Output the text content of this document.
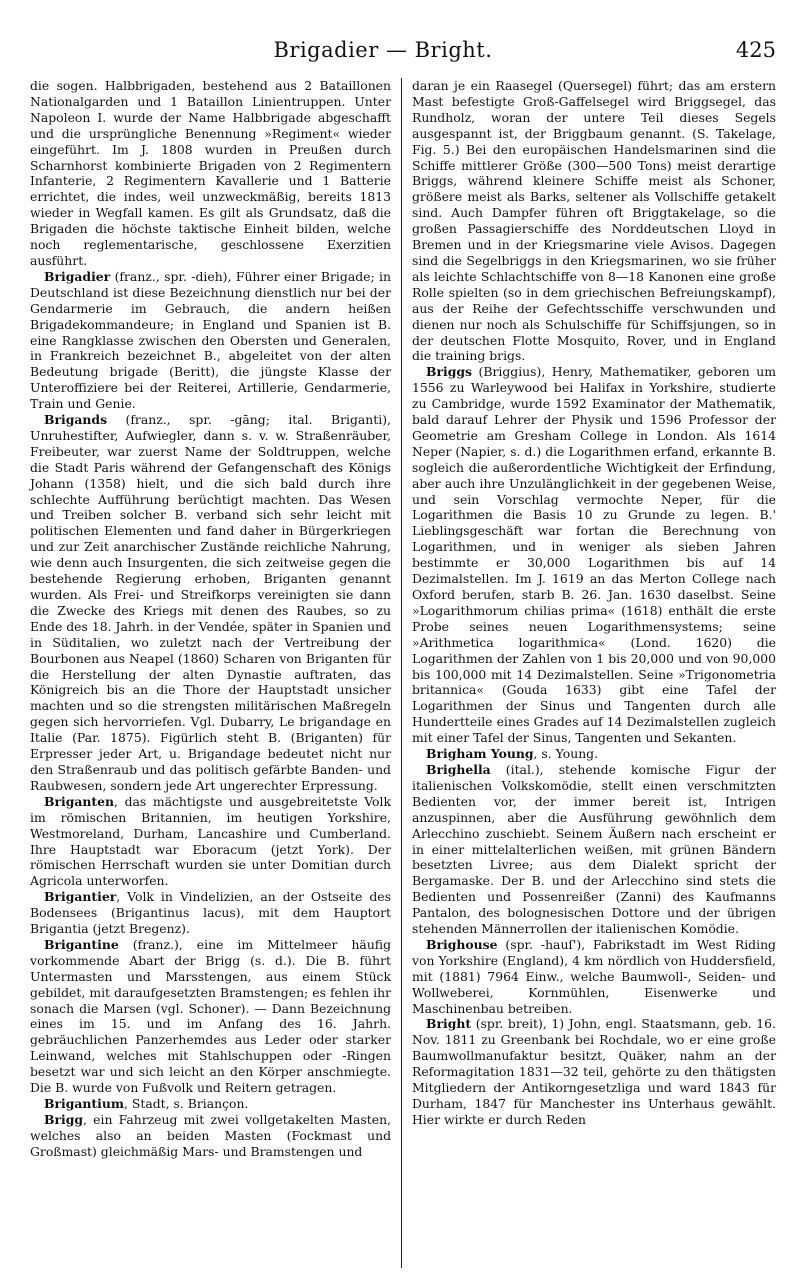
Brigadier — Bright.	425

die sogen. Halbbrigaden, bestehend aus 2 Bataillonen Nationalgarden und 1 Bataillon Linientruppen. Unter Napoleon I. wurde der Name Halbbrigade abgeschafft und die ursprüngliche Benennung »Regiment« wieder eingeführt. Im J. 1808 wurden in Preußen durch Scharnhorst kombinierte Brigaden von 2 Regimentern Infanterie, 2 Regimentern Kavallerie und 1 Batterie errichtet, die indes, weil unzweckmäßig, bereits 1813 wieder in Wegfall kamen. Es gilt als Grundsatz, daß die Brigaden die höchste taktische Einheit bilden, welche noch reglementarische, geschlossene Exerzitien ausführt.

Brigadier (franz., spr. -dieh), Führer einer Brigade; in Deutschland ist diese Bezeichnung dienstlich nur bei der Gendarmerie im Gebrauch, die andern heißen Brigadekommandeure; in England und Spanien ist B. eine Rangklasse zwischen den Obersten und Generalen, in Frankreich bezeichnet B., abgeleitet von der alten Bedeutung brigade (Beritt), die jüngste Klasse der Unteroffiziere bei der Reiterei, Artillerie, Gendarmerie, Train und Genie.

Brigands (franz., spr. -gāng; ital. Briganti), Unruhestifter, Aufwiegler, dann s. v. w. Straßenräuber, Freibeuter, war zuerst Name der Soldtruppen, welche die Stadt Paris während der Gefangenschaft des Königs Johann (1358) hielt, und die sich bald durch ihre schlechte Aufführung berüchtigt machten. Das Wesen und Treiben solcher B. verband sich sehr leicht mit politischen Elementen und fand daher in Bürgerkriegen und zur Zeit anarchischer Zustände reichliche Nahrung, wie denn auch Insurgenten, die sich zeitweise gegen die bestehende Regierung erhoben, Briganten genannt wurden. Als Frei- und Streifkorps vereinigten sie dann die Zwecke des Kriegs mit denen des Raubes, so zu Ende des 18. Jahrh. in der Vendée, später in Spanien und in Süditalien, wo zuletzt nach der Vertreibung der Bourbonen aus Neapel (1860) Scharen von Briganten für die Herstellung der alten Dynastie auftraten, das Königreich bis an die Thore der Hauptstadt unsicher machten und so die strengsten militärischen Maßregeln gegen sich hervorriefen. Vgl. Dubarry, Le brigandage en Italie (Par. 1875). Figürlich steht B. (Briganten) für Erpresser jeder Art, u. Brigandage bedeutet nicht nur den Straßenraub und das politisch gefärbte Banden- und Raubwesen, sondern jede Art ungerechter Erpressung.

Briganten, das mächtigste und ausgebreitetste Volk im römischen Britannien, im heutigen Yorkshire, Westmoreland, Durham, Lancashire und Cumberland. Ihre Hauptstadt war Eboracum (jetzt York). Der römischen Herrschaft wurden sie unter Domitian durch Agricola unterworfen.

Brigantier, Volk in Vindelizien, an der Ostseite des Bodensees (Brigantinus lacus), mit dem Hauptort Brigantia (jetzt Bregenz).

Brigantine (franz.), eine im Mittelmeer häufig vorkommende Abart der Brigg (s. d.). Die B. führt Untermasten und Marsstengen, aus einem Stück gebildet, mit daraufgesetzten Bramstengen; es fehlen ihr sonach die Marsen (vgl. Schoner). — Dann Bezeichnung eines im 15. und im Anfang des 16. Jahrh. gebräuchlichen Panzerhemdes aus Leder oder starker Leinwand, welches mit Stahlschuppen oder -Ringen besetzt war und sich leicht an den Körper anschmiegte. Die B. wurde von Fußvolk und Reitern getragen.

Brigantium, Stadt, s. Briançon.

Brigg, ein Fahrzeug mit zwei vollgetakelten Masten, welches also an beiden Masten (Fockmast und Großmast) gleichmäßig Mars- und Bramstengen und

daran je ein Raasegel (Quersegel) führt; das am erstern Mast befestigte Groß-Gaffelsegel wird Briggsegel, das Rundholz, woran der untere Teil dieses Segels ausgespannt ist, der Briggbaum genannt. (S. Takelage, Fig. 5.) Bei den europäischen Handelsmarinen sind die Schiffe mittlerer Größe (300—500 Tons) meist derartige Briggs, während kleinere Schiffe meist als Schoner, größere meist als Barks, seltener als Vollschiffe getakelt sind. Auch Dampfer führen oft Briggtakelage, so die großen Passagierschiffe des Norddeutschen Lloyd in Bremen und in der Kriegsmarine viele Avisos. Dagegen sind die Segelbriggs in den Kriegsmarinen, wo sie früher als leichte Schlachtschiffe von 8—18 Kanonen eine große Rolle spielten (so in dem griechischen Befreiungskampf), aus der Reihe der Gefechtsschiffe verschwunden und dienen nur noch als Schulschiffe für Schiffsjungen, so in der deutschen Flotte Mosquito, Rover, und in England die training brigs.

Briggs (Briggius), Henry, Mathematiker, geboren um 1556 zu Warleywood bei Halifax in Yorkshire, studierte zu Cambridge, wurde 1592 Examinator der Mathematik, bald darauf Lehrer der Physik und 1596 Professor der Geometrie am Gresham College in London. Als 1614 Neper (Napier, s. d.) die Logarithmen erfand, erkannte B. sogleich die außerordentliche Wichtigkeit der Erfindung, aber auch ihre Unzulänglichkeit in der gegebenen Weise, und sein Vorschlag vermochte Neper, für die Logarithmen die Basis 10 zu Grunde zu legen. B.' Lieblingsgeschäft war fortan die Berechnung von Logarithmen, und in weniger als sieben Jahren bestimmte er 30,000 Logarithmen bis auf 14 Dezimalstellen. Im J. 1619 an das Merton College nach Oxford berufen, starb B. 26. Jan. 1630 daselbst. Seine »Logarithmorum chilias prima« (1618) enthält die erste Probe seines neuen Logarithmensystems; seine »Arithmetica logarithmica« (Lond. 1620) die Logarithmen der Zahlen von 1 bis 20,000 und von 90,000 bis 100,000 mit 14 Dezimalstellen. Seine »Trigonometria britannica« (Gouda 1633) gibt eine Tafel der Logarithmen der Sinus und Tangenten durch alle Hundertteile eines Grades auf 14 Dezimalstellen zugleich mit einer Tafel der Sinus, Tangenten und Sekanten.

Brigham Young, s. Young.

Brighella (ital.), stehende komische Figur der italienischen Volkskomödie, stellt einen verschmitzten Bedienten vor, der immer bereit ist, Intrigen anzuspinnen, aber die Ausführung gewöhnlich dem Arlecchino zuschiebt. Seinem Äußern nach erscheint er in einer mittelalterlichen weißen, mit grünen Bändern besetzten Livree; aus dem Dialekt spricht der Bergamaske. Der B. und der Arlecchino sind stets die Bedienten und Possenreißer (Zanni) des Kaufmanns Pantalon, des bolognesischen Dottore und der übrigen stehenden Männerrollen der italienischen Komödie.

Brighouse (spr. -hauſ'), Fabrikstadt im West Riding von Yorkshire (England), 4 km nördlich von Huddersfield, mit (1881) 7964 Einw., welche Baumwoll-, Seiden- und Wollweberei, Kornmühlen, Eisenwerke und Maschinenbau betreiben.

Bright (spr. breit), 1) John, engl. Staatsmann, geb. 16. Nov. 1811 zu Greenbank bei Rochdale, wo er eine große Baumwollmanufaktur besitzt, Quäker, nahm an der Reformagitation 1831—32 teil, gehörte zu den thätigsten Mitgliedern der Antikorngesetzliga und ward 1843 für Durham, 1847 für Manchester ins Unterhaus gewählt. Hier wirkte er durch Reden
